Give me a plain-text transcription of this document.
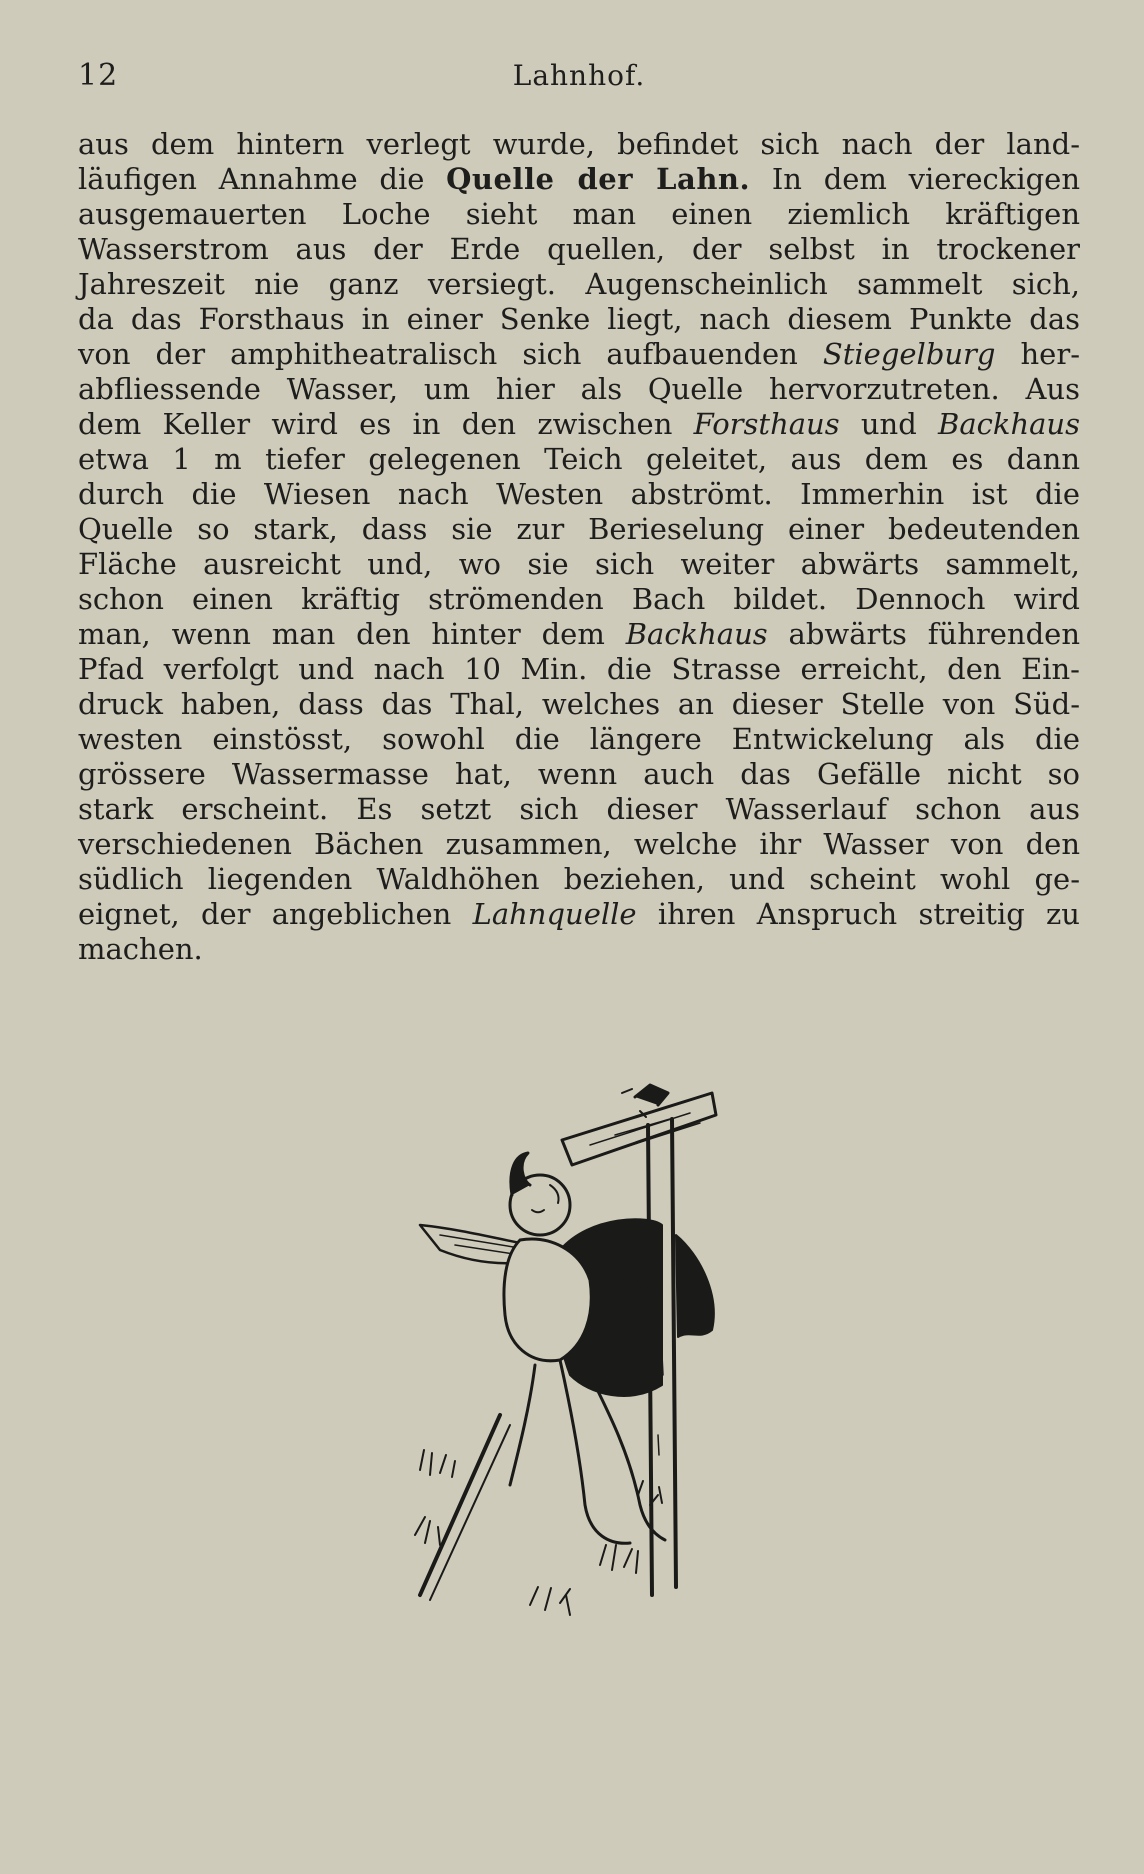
12	Lahnhof.
aus dem hintern verlegt wurde, befindet sich nach der land-
läufigen Annahme die Quelle der Lahn. In dem viereckigen
ausgemauerten Loche sieht man einen ziemlich kräftigen
Wasserstrom aus der Erde quellen, der selbst in trockener
Jahreszeit nie ganz versiegt. Augenscheinlich sammelt sich,
da das Forsthaus in einer Senke liegt, nach diesem Punkte das
von der amphitheatralisch sich aufbauenden Stiegelburg her-
abfliessende Wasser, um hier als Quelle hervorzutreten. Aus
dem Keller wird es in den zwischen Forsthaus und Backhaus
etwa 1 m tiefer gelegenen Teich geleitet, aus dem es dann
durch die Wiesen nach Westen abströmt. Immerhin ist die
Quelle so stark, dass sie zur Berieselung einer bedeutenden
Fläche ausreicht und, wo sie sich weiter abwärts sammelt,
schon einen kräftig strömenden Bach bildet. Dennoch wird
man, wenn man den hinter dem Backhaus abwärts führenden
Pfad verfolgt und nach 10 Min. die Strasse erreicht, den Ein-
druck haben, dass das Thal, welches an dieser Stelle von Süd-
westen einstösst, sowohl die längere Entwickelung als die
grössere Wassermasse hat, wenn auch das Gefälle nicht so
stark erscheint. Es setzt sich dieser Wasserlauf schon aus
verschiedenen Bächen zusammen, welche ihr Wasser von den
südlich liegenden Waldhöhen beziehen, und scheint wohl ge-
eignet, der angeblichen Lahnquelle ihren Anspruch streitig zu
machen.
